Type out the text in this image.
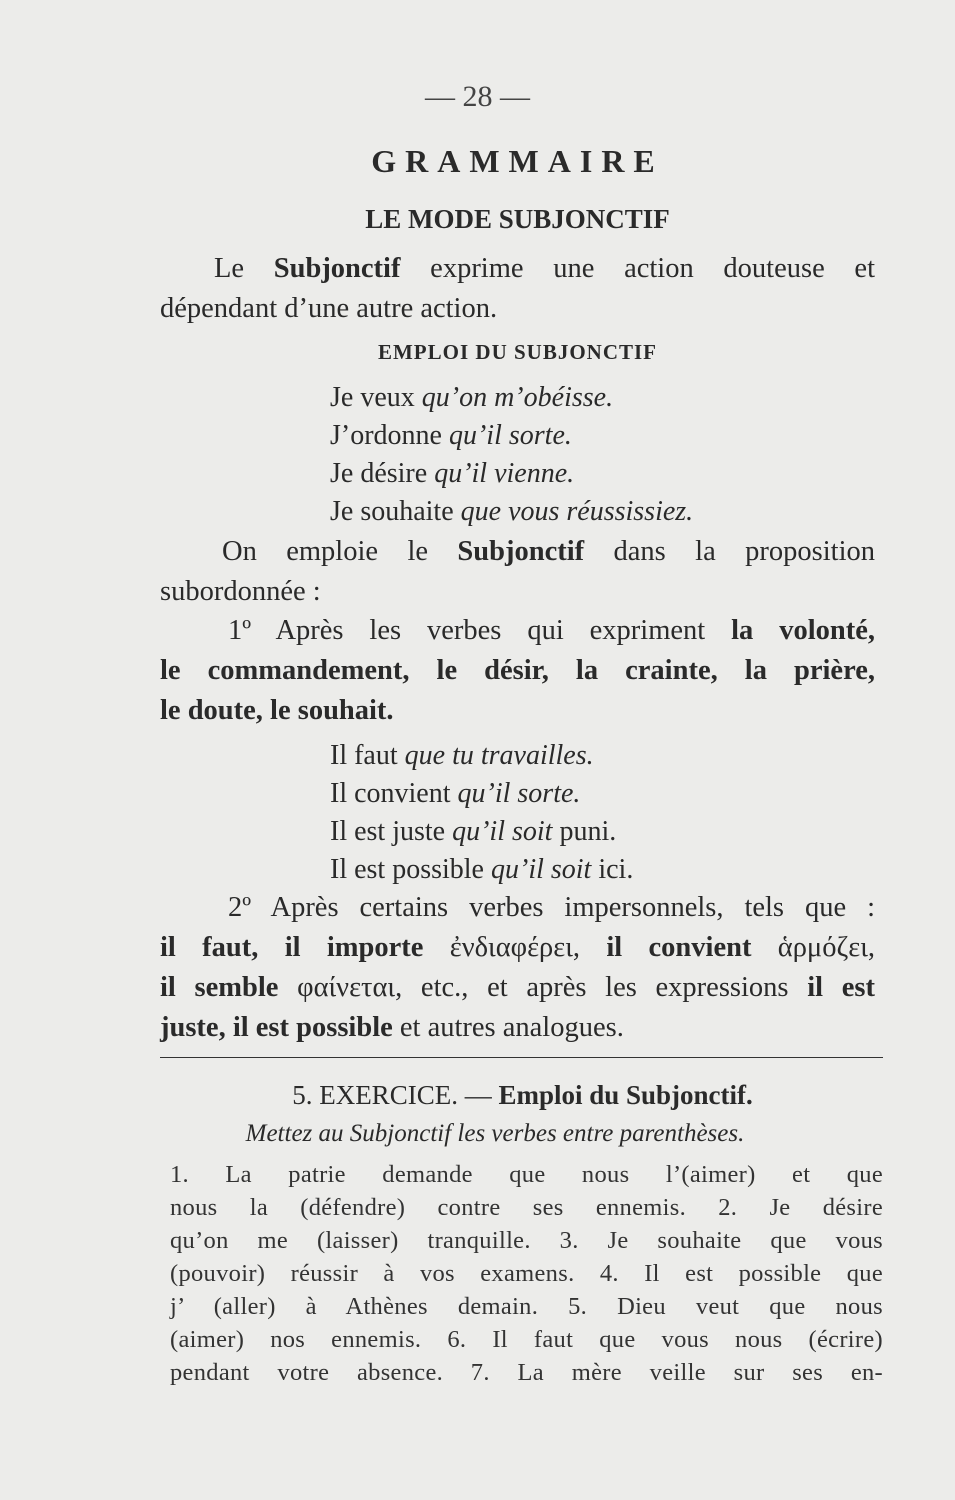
— 28 —
GRAMMAIRE
LE MODE SUBJONCTIF
Le Subjonctif exprime une action douteuse et
dépendant d’une autre action.
EMPLOI DU SUBJONCTIF
Je veux qu’on m’obéisse.
J’ordonne qu’il sorte.
Je désire qu’il vienne.
Je souhaite que vous réussissiez.
On emploie le Subjonctif dans la proposition
subordonnée :
1º Après les verbes qui expriment la volonté,
le commandement, le désir, la crainte, la prière,
le doute, le souhait.
Il faut que tu travailles.
Il convient qu’il sorte.
Il est juste qu’il soit puni.
Il est possible qu’il soit ici.
2º Après certains verbes impersonnels, tels que :
il faut, il importe ἐνδιαφέρει, il convient ἁρμόζει,
il semble φαίνεται, etc., et après les expressions il est
juste, il est possible et autres analogues.
5. EXERCICE. — Emploi du Subjonctif.
Mettez au Subjonctif les verbes entre parenthèses.
1. La patrie demande que nous l’(aimer) et que
nous la (défendre) contre ses ennemis. 2. Je désire
qu’on me (laisser) tranquille. 3. Je souhaite que vous
(pouvoir) réussir à vos examens. 4. Il est possible que
j’ (aller) à Athènes demain. 5. Dieu veut que nous
(aimer) nos ennemis. 6. Il faut que vous nous (écrire)
pendant votre absence. 7. La mère veille sur ses en-
